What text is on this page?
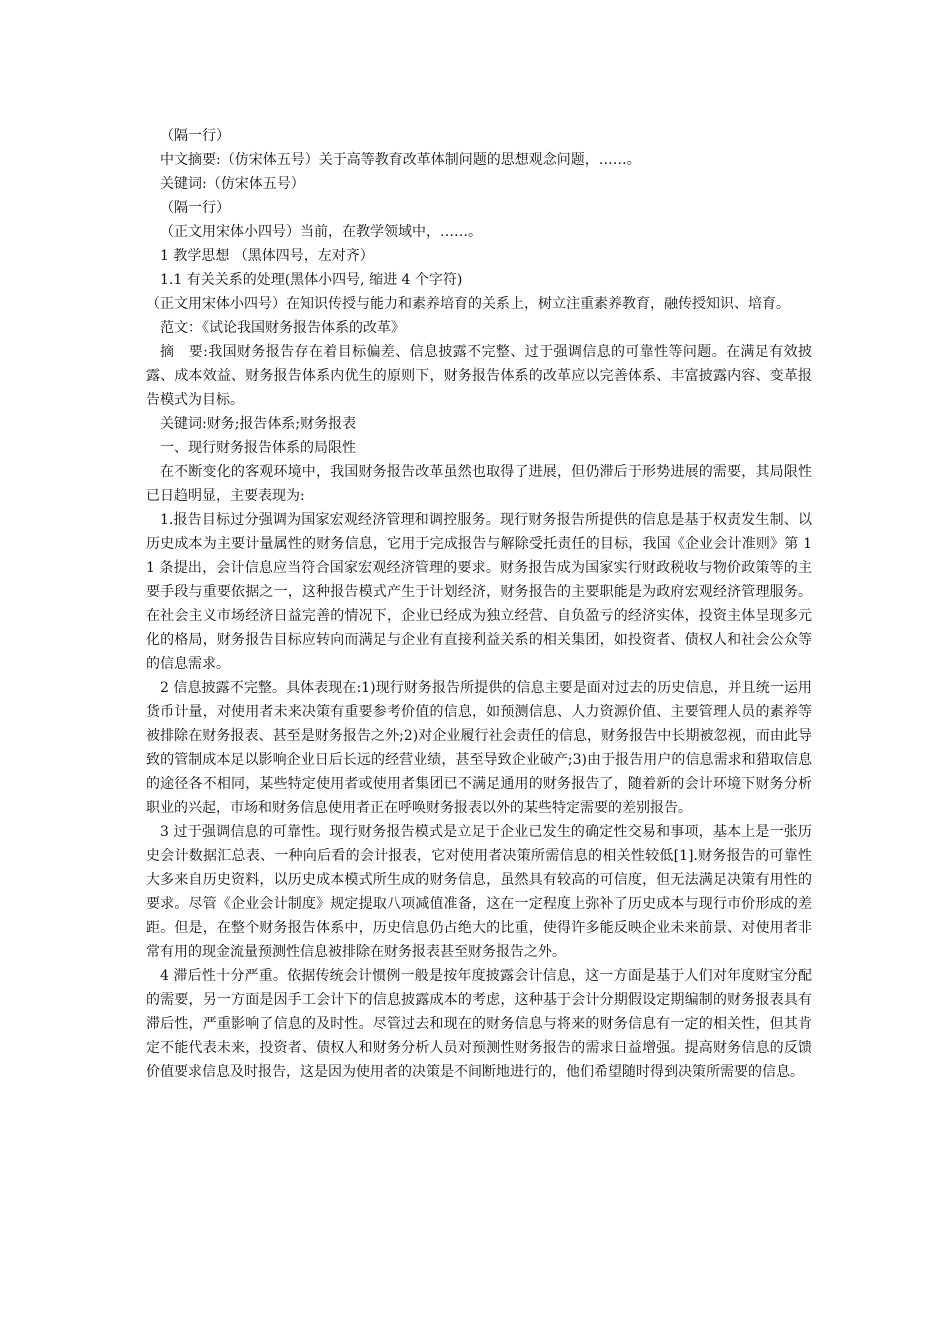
（隔一行）

中文摘要:（仿宋体五号）关于高等教育改革体制问题的思想观念问题，……。

关键词:（仿宋体五号）

（隔一行）

（正文用宋体小四号）当前，在教学领域中，……。

1 教学思想 （黑体四号，左对齐）

1.1 有关关系的处理(黑体小四号, 缩进 4 个字符)

（正文用宋体小四号）在知识传授与能力和素养培育的关系上，树立注重素养教育，融传授知识、培育。

范文：《试论我国财务报告体系的改革》

摘　要:我国财务报告存在着目标偏差、信息披露不完整、过于强调信息的可靠性等问题。在满足有效披露、成本效益、财务报告体系内优生的原则下，财务报告体系的改革应以完善体系、丰富披露内容、变革报告模式为目标。

关键词:财务;报告体系;财务报表

一、现行财务报告体系的局限性

在不断变化的客观环境中，我国财务报告改革虽然也取得了进展，但仍滞后于形势进展的需要，其局限性已日趋明显，主要表现为:

1.报告目标过分强调为国家宏观经济管理和调控服务。现行财务报告所提供的信息是基于权责发生制、以历史成本为主要计量属性的财务信息，它用于完成报告与解除受托责任的目标，我国《企业会计准则》第 11 条提出，会计信息应当符合国家宏观经济管理的要求。财务报告成为国家实行财政税收与物价政策等的主要手段与重要依据之一，这种报告模式产生于计划经济，财务报告的主要职能是为政府宏观经济管理服务。在社会主义市场经济日益完善的情况下，企业已经成为独立经营、自负盈亏的经济实体，投资主体呈现多元化的格局，财务报告目标应转向而满足与企业有直接利益关系的相关集团，如投资者、债权人和社会公众等的信息需求。

2 信息披露不完整。具体表现在:1)现行财务报告所提供的信息主要是面对过去的历史信息，并且统一运用货币计量，对使用者未来决策有重要参考价值的信息，如预测信息、人力资源价值、主要管理人员的素养等被排除在财务报表、甚至是财务报告之外;2)对企业履行社会责任的信息，财务报告中长期被忽视，而由此导致的管制成本足以影响企业日后长远的经营业绩，甚至导致企业破产;3)由于报告用户的信息需求和猎取信息的途径各不相同，某些特定使用者或使用者集团已不满足通用的财务报告了，随着新的会计环境下财务分析职业的兴起，市场和财务信息使用者正在呼唤财务报表以外的某些特定需要的差别报告。

3 过于强调信息的可靠性。现行财务报告模式是立足于企业已发生的确定性交易和事项，基本上是一张历史会计数据汇总表、一种向后看的会计报表，它对使用者决策所需信息的相关性较低[1].财务报告的可靠性大多来自历史资料，以历史成本模式所生成的财务信息，虽然具有较高的可信度，但无法满足决策有用性的要求。尽管《企业会计制度》规定提取八项减值准备，这在一定程度上弥补了历史成本与现行市价形成的差距。但是，在整个财务报告体系中，历史信息仍占绝大的比重，使得许多能反映企业未来前景、对使用者非常有用的现金流量预测性信息被排除在财务报表甚至财务报告之外。

4 滞后性十分严重。依据传统会计惯例一般是按年度披露会计信息，这一方面是基于人们对年度财宝分配的需要，另一方面是因手工会计下的信息披露成本的考虑，这种基于会计分期假设定期编制的财务报表具有滞后性，严重影响了信息的及时性。尽管过去和现在的财务信息与将来的财务信息有一定的相关性，但其肯定不能代表未来，投资者、债权人和财务分析人员对预测性财务报告的需求日益增强。提高财务信息的反馈价值要求信息及时报告，这是因为使用者的决策是不间断地进行的，他们希望随时得到决策所需要的信息。
